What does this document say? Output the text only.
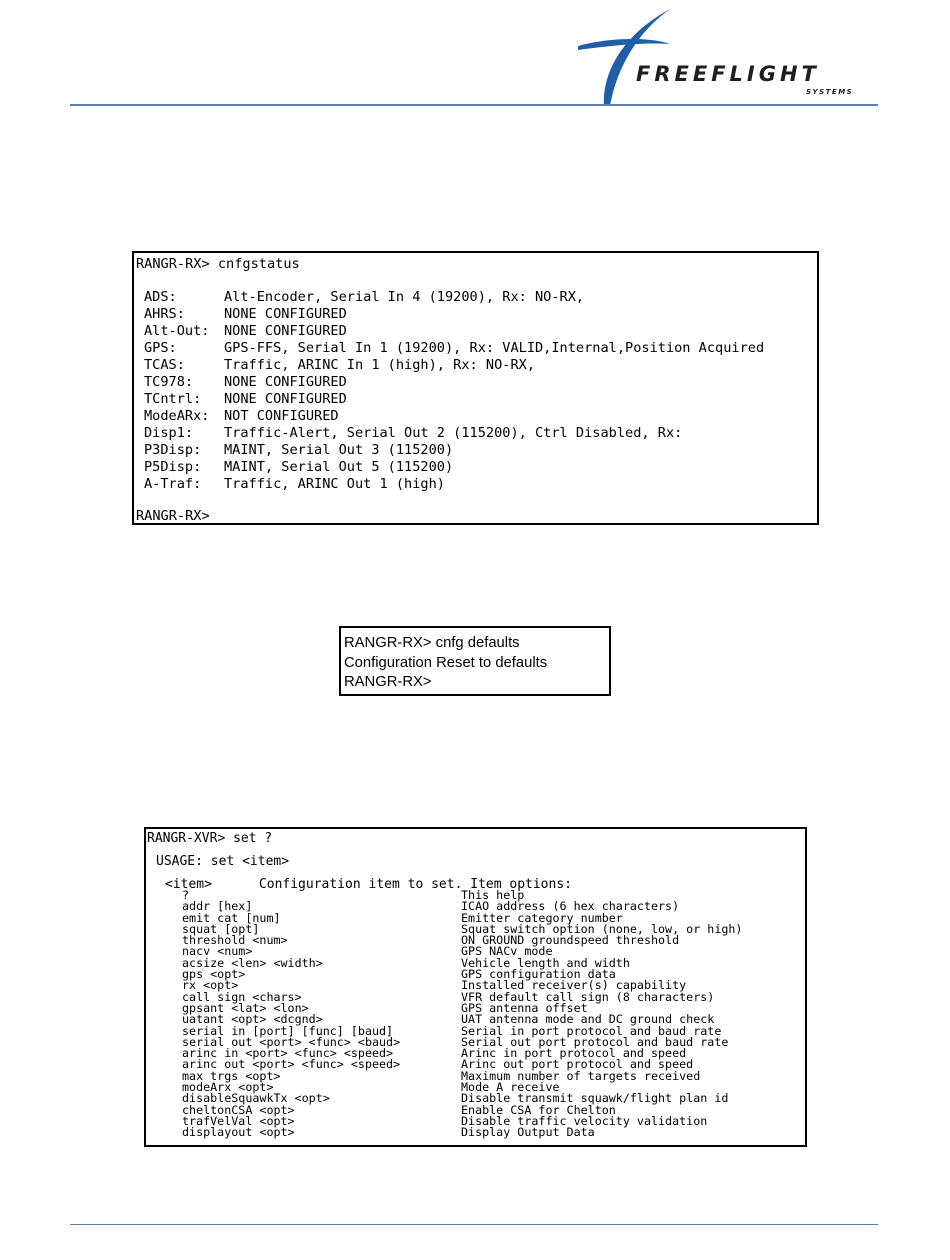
FREEFLIGHT
SYSTEMS

RANGR-RX> cnfgstatus

ADS:	Alt-Encoder, Serial In 4 (19200), Rx: NO-RX,
AHRS:	NONE CONFIGURED
Alt-Out: NONE CONFIGURED
GPS:	GPS-FFS, Serial In 1 (19200), Rx: VALID,Internal,Position Acquired
TCAS:	Traffic, ARINC In 1 (high), Rx: NO-RX,
TC978: NONE CONFIGURED
TCntrl: NONE CONFIGURED
ModeARx: NOT CONFIGURED
Disp1: Traffic-Alert, Serial Out 2 (115200), Ctrl Disabled, Rx:
P3Disp: MAINT, Serial Out 3 (115200)
P5Disp: MAINT, Serial Out 5 (115200)
A-Traf: Traffic, ARINC Out 1 (high)

RANGR-RX>

RANGR-RX> cnfg defaults
Configuration Reset to defaults
RANGR-RX>

RANGR-XVR> set ?

USAGE: set <item>

<item>      Configuration item to set. Item options:

?	This help
addr [hex]	ICAO address (6 hex characters)
emit cat [num]	Emitter category number
squat [opt]	Squat switch option (none, low, or high)
threshold <num>	ON GROUND groundspeed threshold
nacv <num>	GPS NACv mode
acsize <len> <width>	Vehicle length and width
gps <opt>	GPS configuration data
rx <opt>	Installed receiver(s) capability
call sign <chars>	VFR default call sign (8 characters)
gpsant <lat> <lon>	GPS antenna offset
uatant <opt> <dcgnd>	UAT antenna mode and DC ground check
serial in [port] [func] [baud]	Serial in port protocol and baud rate
serial out <port> <func> <baud>	Serial out port protocol and baud rate
arinc in <port> <func> <speed>	Arinc in port protocol and speed
arinc out <port> <func> <speed>	Arinc out port protocol and speed
max trgs <opt>	Maximum number of targets received
modeArx <opt>	Mode A receive
disableSquawkTx <opt>	Disable transmit squawk/flight plan id
cheltonCSA <opt>	Enable CSA for Chelton
trafVelVal <opt>	Disable traffic velocity validation
displayout <opt>	Display Output Data
